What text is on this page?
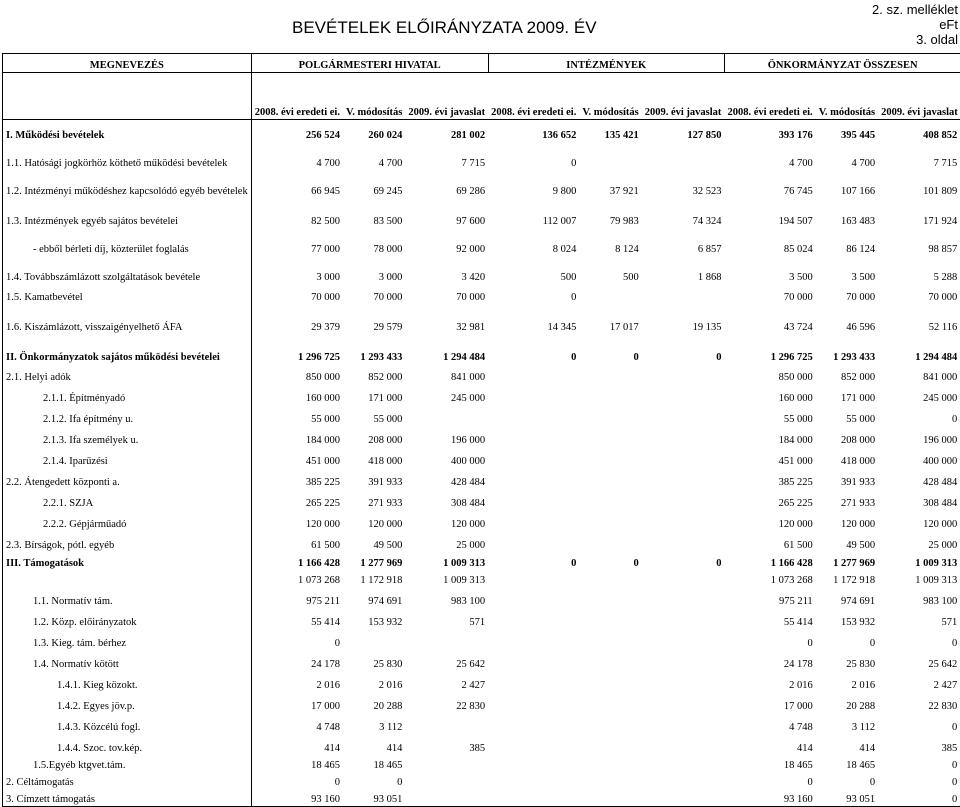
BEVÉTELEK ELŐIRÁNYZATA 2009. ÉV
2. sz. melléklet
eFt
3. oldal
MEGNEVEZÉS	POLGÁRMESTERI HIVATAL			INTÉZMÉNYEK			ÖNKORMÁNYZAT ÖSSZESEN		
	2008. évi eredeti ei.	V. módosítás	2009. évi javaslat	2008. évi eredeti ei.	V. módosítás	2009. évi javaslat	2008. évi eredeti ei.	V. módosítás	2009. évi javaslat
I. Működési bevételek	256 524	260 024	281 002	136 652	135 421	127 850	393 176	395 445	408 852
1.1. Hatósági jogkörhöz köthető működési bevételek	4 700	4 700	7 715	0			4 700	4 700	7 715
1.2. Intézményi működéshez kapcsolódó egyéb bevételek	66 945	69 245	69 286	9 800	37 921	32 523	76 745	107 166	101 809
1.3. Intézmények egyéb sajátos bevételei	82 500	83 500	97 600	112 007	79 983	74 324	194 507	163 483	171 924
- ebből bérleti díj, közterület foglalás	77 000	78 000	92 000	8 024	8 124	6 857	85 024	86 124	98 857
1.4. Továbbszámlázott szolgáltatások bevétele	3 000	3 000	3 420	500	500	1 868	3 500	3 500	5 288
1.5. Kamatbevétel	70 000	70 000	70 000	0			70 000	70 000	70 000
1.6. Kiszámlázott, visszaigényelhető ÁFA	29 379	29 579	32 981	14 345	17 017	19 135	43 724	46 596	52 116
II. Önkormányzatok sajátos működési bevételei	1 296 725	1 293 433	1 294 484	0	0	0	1 296 725	1 293 433	1 294 484
2.1. Helyi adók	850 000	852 000	841 000				850 000	852 000	841 000
2.1.1. Építményadó	160 000	171 000	245 000				160 000	171 000	245 000
2.1.2. Ifa építmény u.	55 000	55 000					55 000	55 000	0
2.1.3. Ifa személyek u.	184 000	208 000	196 000				184 000	208 000	196 000
2.1.4. Iparűzési	451 000	418 000	400 000				451 000	418 000	400 000
2.2. Átengedett központi a.	385 225	391 933	428 484				385 225	391 933	428 484
2.2.1. SZJA	265 225	271 933	308 484				265 225	271 933	308 484
2.2.2. Gépjárműadó	120 000	120 000	120 000				120 000	120 000	120 000
2.3. Bírságok, pótl. egyéb	61 500	49 500	25 000				61 500	49 500	25 000
III. Támogatások	1 166 428	1 277 969	1 009 313	0	0	0	1 166 428	1 277 969	1 009 313
	1 073 268	1 172 918	1 009 313				1 073 268	1 172 918	1 009 313
1.1. Normatív tám.	975 211	974 691	983 100				975 211	974 691	983 100
1.2. Közp. előirányzatok	55 414	153 932	571				55 414	153 932	571
1.3. Kieg. tám. bérhez	0						0	0	0
1.4. Normatív kötött	24 178	25 830	25 642				24 178	25 830	25 642
1.4.1. Kieg közokt.	2 016	2 016	2 427				2 016	2 016	2 427
1.4.2. Egyes jöv.p.	17 000	20 288	22 830				17 000	20 288	22 830
1.4.3. Közcélú fogl.	4 748	3 112					4 748	3 112	0
1.4.4. Szoc. tov.kép.	414	414	385				414	414	385
1.5.Egyéb ktgvet.tám.	18 465	18 465					18 465	18 465	0
2. Céltámogatás	0	0					0	0	0
3. Címzett támogatás	93 160	93 051					93 160	93 051	0
